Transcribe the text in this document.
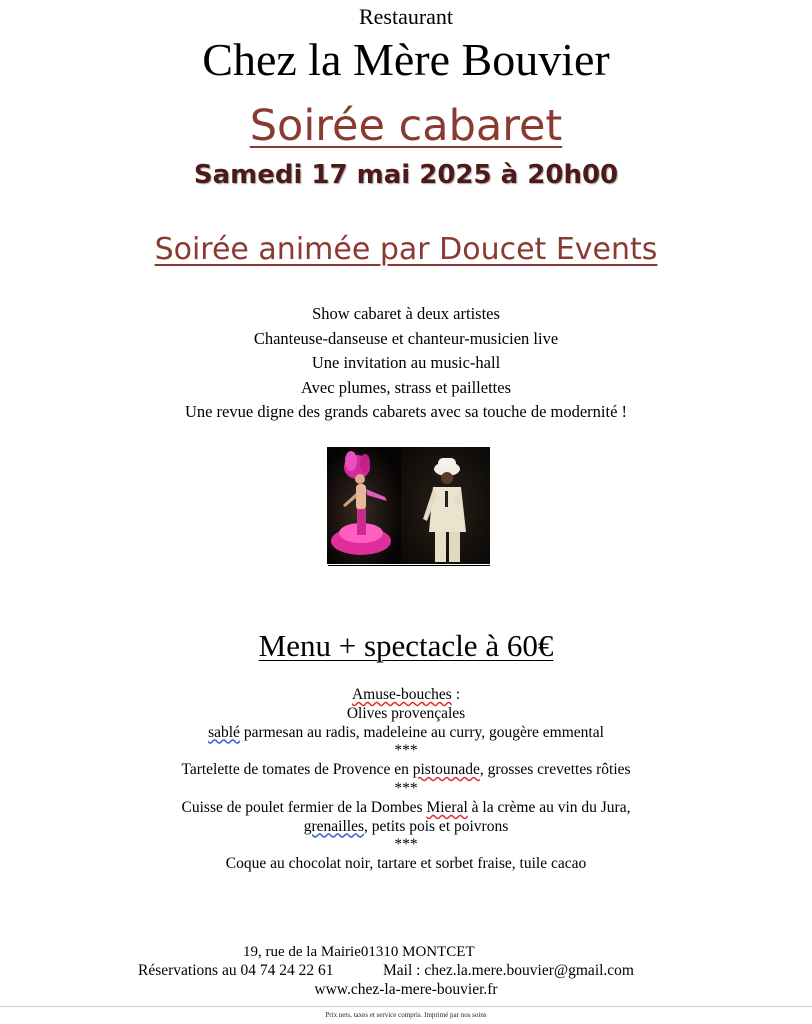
Restaurant
Chez la Mère Bouvier
Soirée cabaret
Samedi 17 mai 2025 à 20h00
Soirée animée par Doucet Events
Show cabaret à deux artistes
Chanteuse-danseuse et chanteur-musicien live
Une invitation au music-hall
Avec plumes, strass et paillettes
Une revue digne des grands cabarets avec sa touche de modernité !
Menu + spectacle à 60€
Amuse-bouches :
Olives provençales
sablé parmesan au radis, madeleine au curry, gougère emmental
***
Tartelette de tomates de Provence en pistounade, grosses crevettes rôties
***
Cuisse de poulet fermier de la Dombes Mieral à la crème au vin du Jura,
grenailles, petits pois et poivrons
***
Coque au chocolat noir, tartare et sorbet fraise, tuile cacao
19, rue de la Mairie01310 MONTCET
Réservations au 04 74 24 22 61	Mail : chez.la.mere.bouvier@gmail.com
www.chez-la-mere-bouvier.fr
Prix nets, taxes et service compris. Imprimé par nos soins
